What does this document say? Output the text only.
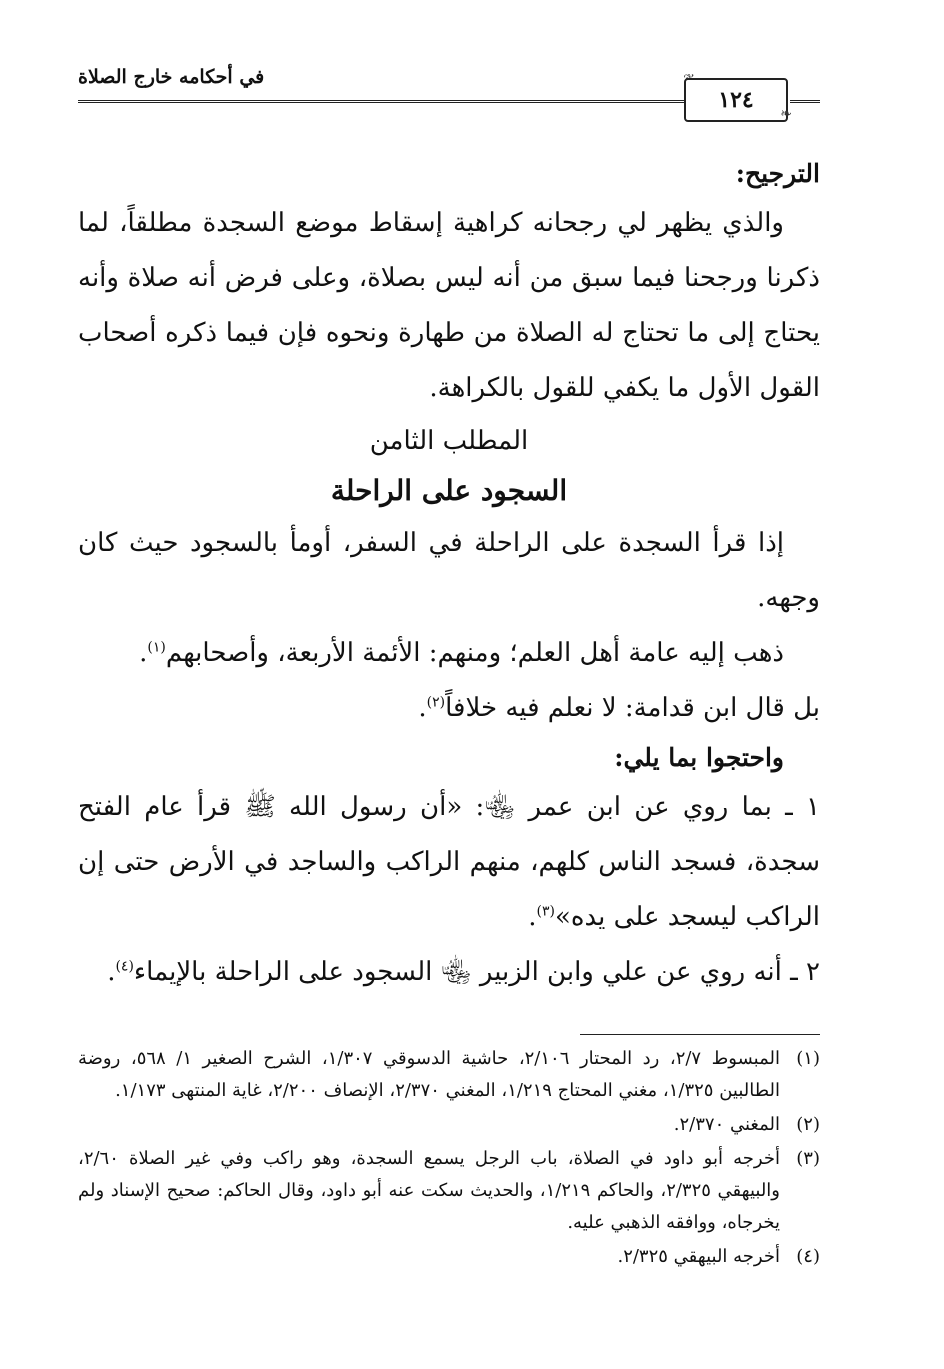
١٢٤
❧
في أحكامه خارج الصلاة

الترجيح:

والذي يظهر لي رجحانه كراهية إسقاط موضع السجدة مطلقاً، لما ذكرنا ورجحنا فيما سبق من أنه ليس بصلاة، وعلى فرض أنه صلاة وأنه يحتاج إلى ما تحتاج له الصلاة من طهارة ونحوه فإن فيما ذكره أصحاب القول الأول ما يكفي للقول بالكراهة.

المطلب الثامن

السجود على الراحلة

إذا قرأ السجدة على الراحلة في السفر، أومأ بالسجود حيث كان وجهه.

ذهب إليه عامة أهل العلم؛ ومنهم: الأئمة الأربعة، وأصحابهم$^{(١)}$.

بل قال ابن قدامة: لا نعلم فيه خلافاً$^{(٢)}$.

واحتجوا بما يلي:

١ ـ بما روي عن ابن عمر ﵄: «أن رسول الله ﷺ قرأ عام الفتح سجدة، فسجد الناس كلهم، منهم الراكب والساجد في الأرض حتى إن الراكب ليسجد على يده»$^{(٣)}$.

٢ ـ أنه روي عن علي وابن الزبير ﵄ السجود على الراحلة بالإيماء$^{(٤)}$.

(١)
المبسوط ٢/٧، رد المحتار ٢/١٠٦، حاشية الدسوقي ١/٣٠٧، الشرح الصغير ١/ ٥٦٨، روضة الطالبين ١/٣٢٥، مغني المحتاج ١/٢١٩، المغني ٢/٣٧٠، الإنصاف ٢/٢٠٠، غاية المنتهى ١/١٧٣.

(٢)
المغني ٢/٣٧٠.

(٣)
أخرجه أبو داود في الصلاة، باب الرجل يسمع السجدة، وهو راكب وفي غير الصلاة ٢/٦٠، والبيهقي ٢/٣٢٥، والحاكم ١/٢١٩، والحديث سكت عنه أبو داود، وقال الحاكم: صحيح الإسناد ولم يخرجاه، ووافقه الذهبي عليه.

(٤)
أخرجه البيهقي ٢/٣٢٥.
